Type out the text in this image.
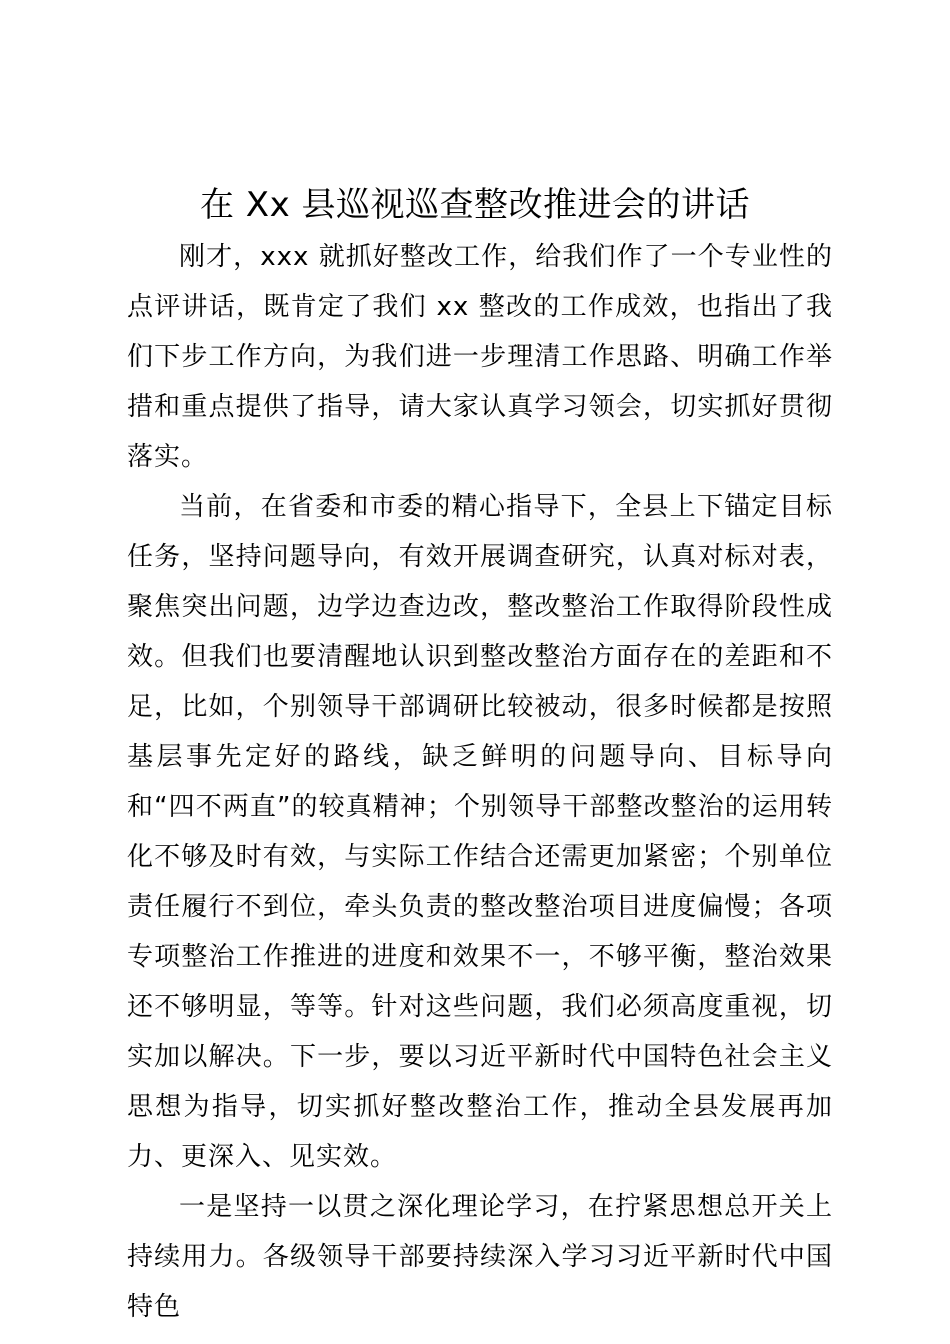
在 Xx 县巡视巡查整改推进会的讲话

刚才，xxx 就抓好整改工作，给我们作了一个专业性的点评讲话，既肯定了我们 xx 整改的工作成效，也指出了我们下步工作方向，为我们进一步理清工作思路、明确工作举措和重点提供了指导，请大家认真学习领会，切实抓好贯彻落实。

当前，在省委和市委的精心指导下，全县上下锚定目标任务，坚持问题导向，有效开展调查研究，认真对标对表，聚焦突出问题，边学边查边改，整改整治工作取得阶段性成效。但我们也要清醒地认识到整改整治方面存在的差距和不足，比如，个别领导干部调研比较被动，很多时候都是按照基层事先定好的路线，缺乏鲜明的问题导向、目标导向和“四不两直”的较真精神；个别领导干部整改整治的运用转化不够及时有效，与实际工作结合还需更加紧密；个别单位责任履行不到位，牵头负责的整改整治项目进度偏慢；各项专项整治工作推进的进度和效果不一，不够平衡，整治效果还不够明显，等等。针对这些问题，我们必须高度重视，切实加以解决。下一步，要以习近平新时代中国特色社会主义思想为指导，切实抓好整改整治工作，推动全县发展再加力、更深入、见实效。

一是坚持一以贯之深化理论学习，在拧紧思想总开关上持续用力。各级领导干部要持续深入学习习近平新时代中国特色
